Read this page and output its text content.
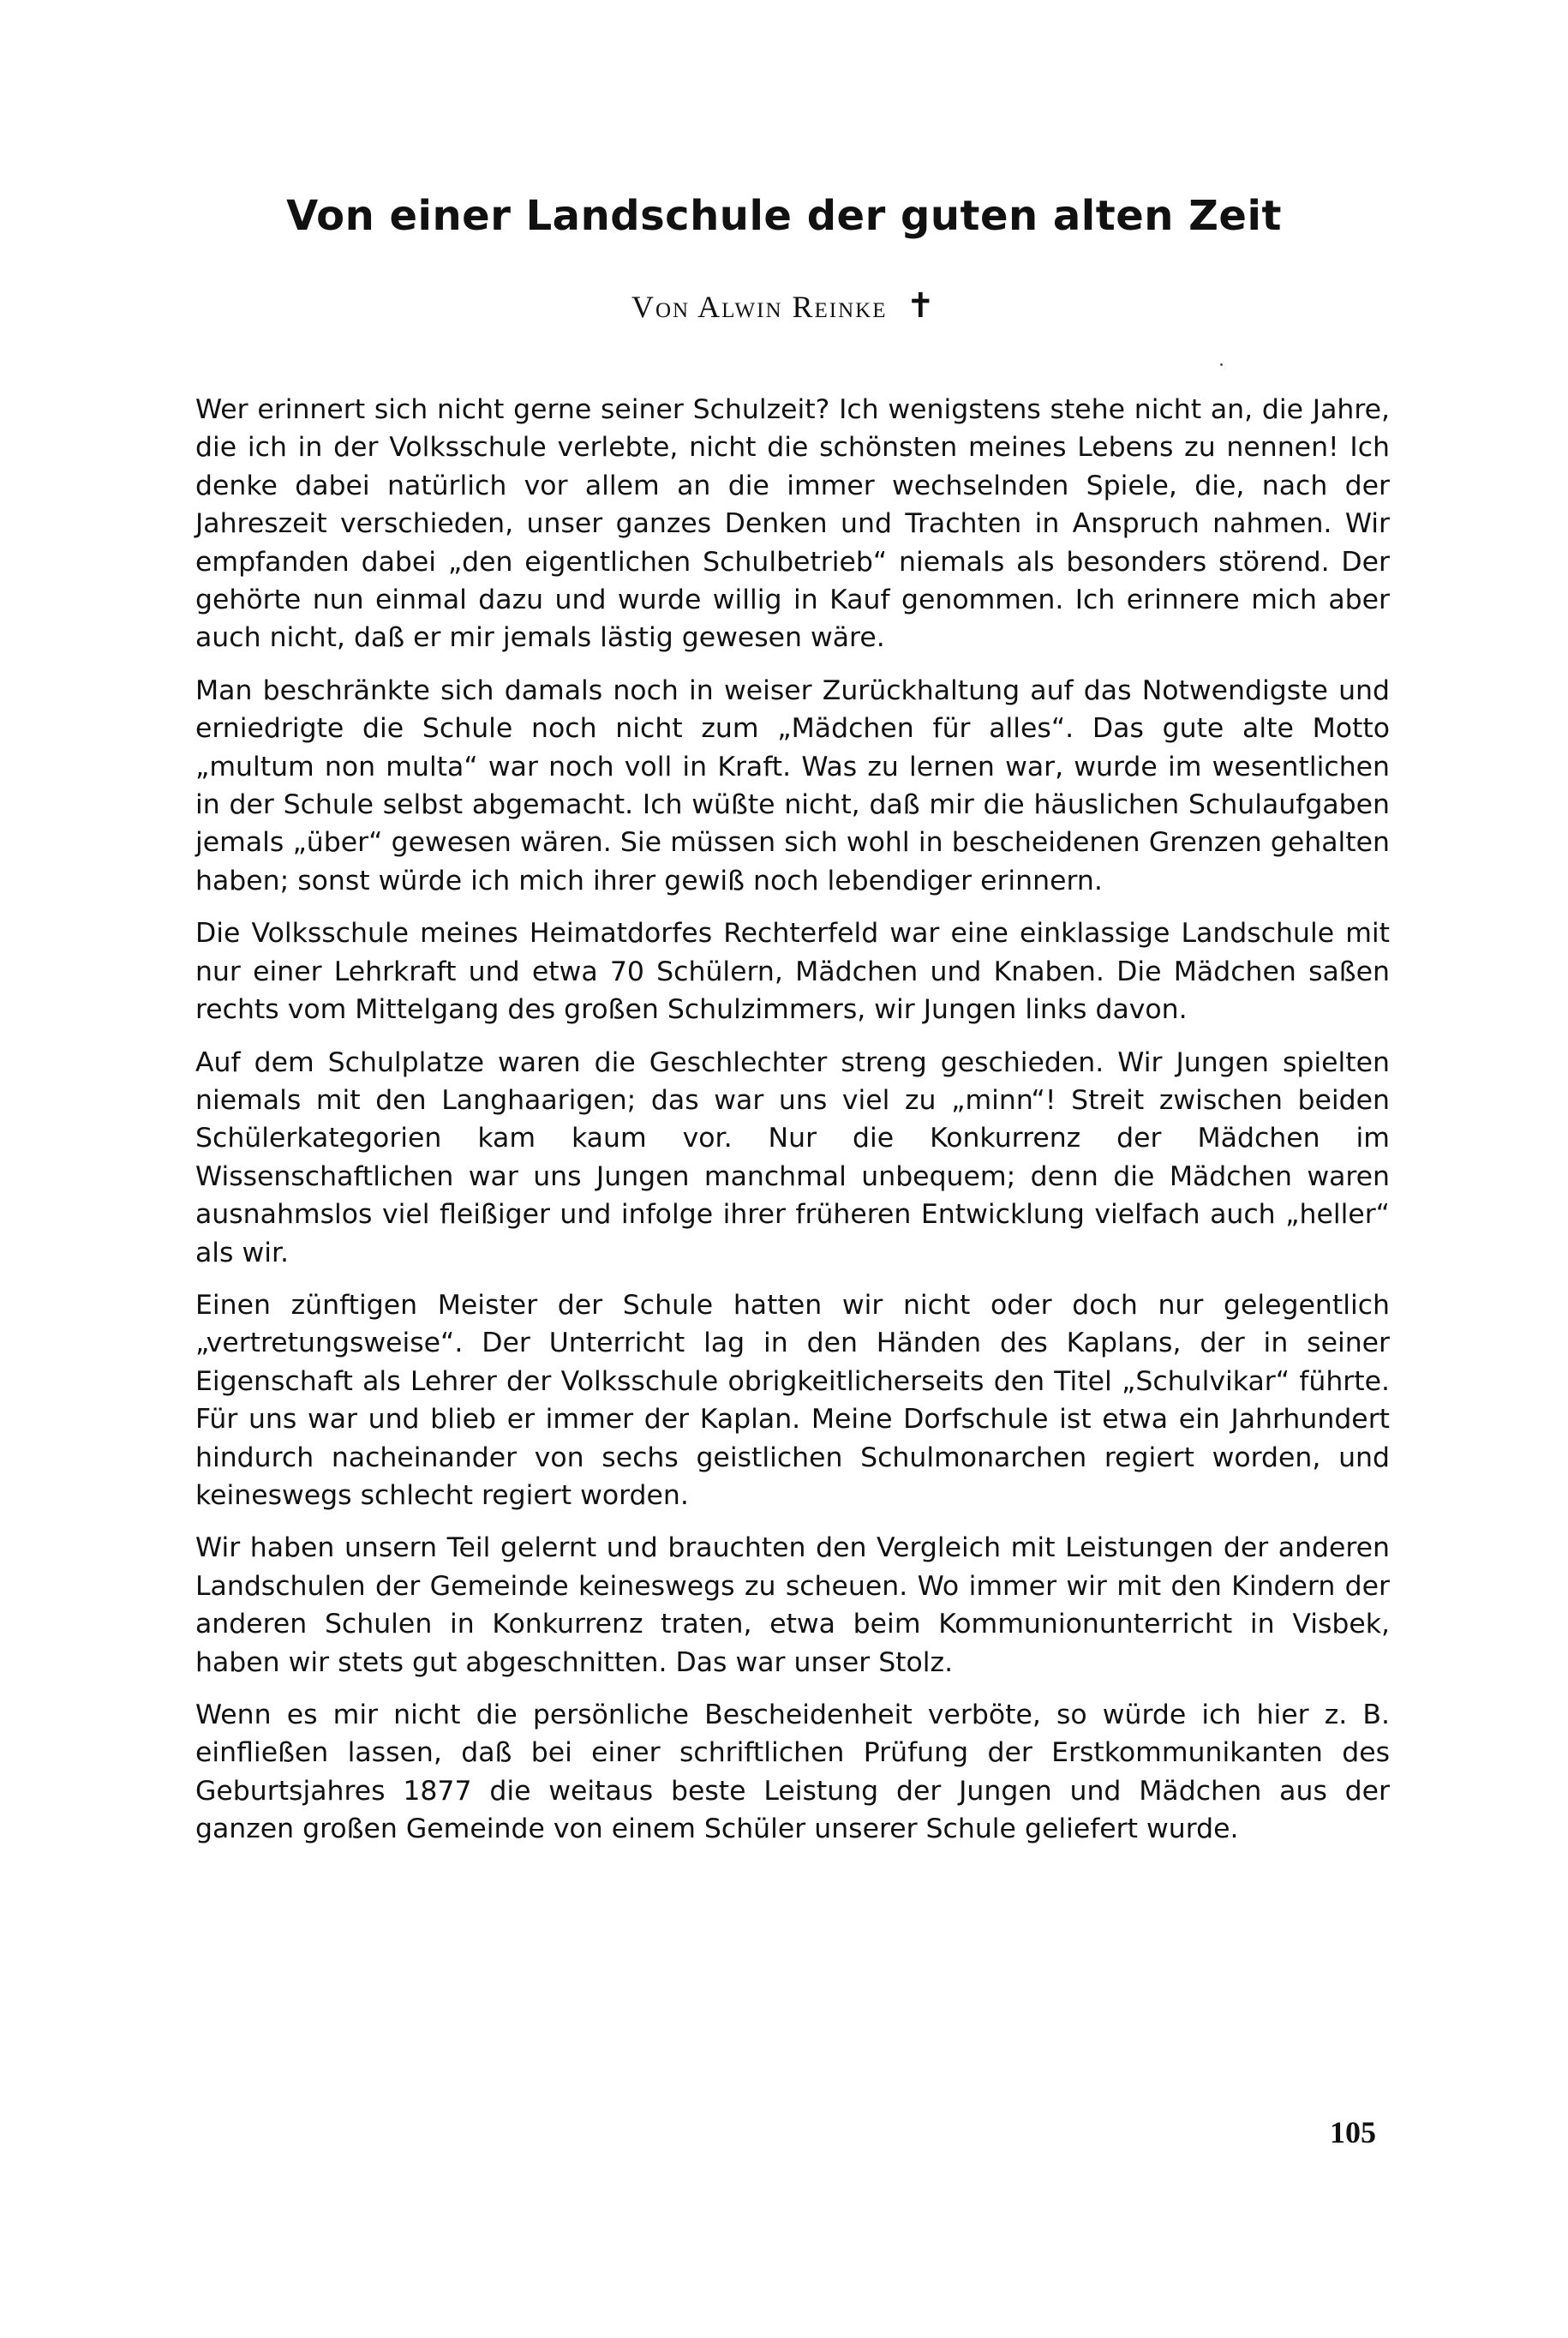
Von einer Landschule der guten alten Zeit

Von Alwin Reinke ✝

Wer erinnert sich nicht gerne seiner Schulzeit? Ich wenigstens stehe nicht an, die Jahre, die ich in der Volksschule verlebte, nicht die schönsten meines Lebens zu nennen! Ich denke dabei natürlich vor allem an die immer wechselnden Spiele, die, nach der Jahreszeit verschieden, unser ganzes Denken und Trachten in Anspruch nahmen. Wir empfanden dabei „den eigentlichen Schulbetrieb“ niemals als besonders störend. Der gehörte nun einmal dazu und wurde willig in Kauf genommen. Ich erinnere mich aber auch nicht, daß er mir jemals lästig gewesen wäre.

Man beschränkte sich damals noch in weiser Zurückhaltung auf das Notwendigste und erniedrigte die Schule noch nicht zum „Mädchen für alles“. Das gute alte Motto „multum non multa“ war noch voll in Kraft. Was zu lernen war, wurde im wesentlichen in der Schule selbst abgemacht. Ich wüßte nicht, daß mir die häuslichen Schulaufgaben jemals „über“ gewesen wären. Sie müssen sich wohl in bescheidenen Grenzen gehalten haben; sonst würde ich mich ihrer gewiß noch lebendiger erinnern.

Die Volksschule meines Heimatdorfes Rechterfeld war eine einklassige Landschule mit nur einer Lehrkraft und etwa 70 Schülern, Mädchen und Knaben. Die Mädchen saßen rechts vom Mittelgang des großen Schulzimmers, wir Jungen links davon.

Auf dem Schulplatze waren die Geschlechter streng geschieden. Wir Jungen spielten niemals mit den Langhaarigen; das war uns viel zu „minn“! Streit zwischen beiden Schülerkategorien kam kaum vor. Nur die Konkurrenz der Mädchen im Wissenschaftlichen war uns Jungen manchmal unbequem; denn die Mädchen waren ausnahmslos viel fleißiger und infolge ihrer früheren Entwicklung vielfach auch „heller“ als wir.

Einen zünftigen Meister der Schule hatten wir nicht oder doch nur gelegentlich „vertretungsweise“. Der Unterricht lag in den Händen des Kaplans, der in seiner Eigenschaft als Lehrer der Volksschule obrigkeitlicherseits den Titel „Schulvikar“ führte. Für uns war und blieb er immer der Kaplan. Meine Dorfschule ist etwa ein Jahrhundert hindurch nacheinander von sechs geistlichen Schulmonarchen regiert worden, und keineswegs schlecht regiert worden.

Wir haben unsern Teil gelernt und brauchten den Vergleich mit Leistungen der anderen Landschulen der Gemeinde keineswegs zu scheuen. Wo immer wir mit den Kindern der anderen Schulen in Konkurrenz traten, etwa beim Kommunionunterricht in Visbek, haben wir stets gut abgeschnitten. Das war unser Stolz.

Wenn es mir nicht die persönliche Bescheidenheit verböte, so würde ich hier z. B. einfließen lassen, daß bei einer schriftlichen Prüfung der Erstkommunikanten des Geburtsjahres 1877 die weitaus beste Leistung der Jungen und Mädchen aus der ganzen großen Gemeinde von einem Schüler unserer Schule geliefert wurde.

105
